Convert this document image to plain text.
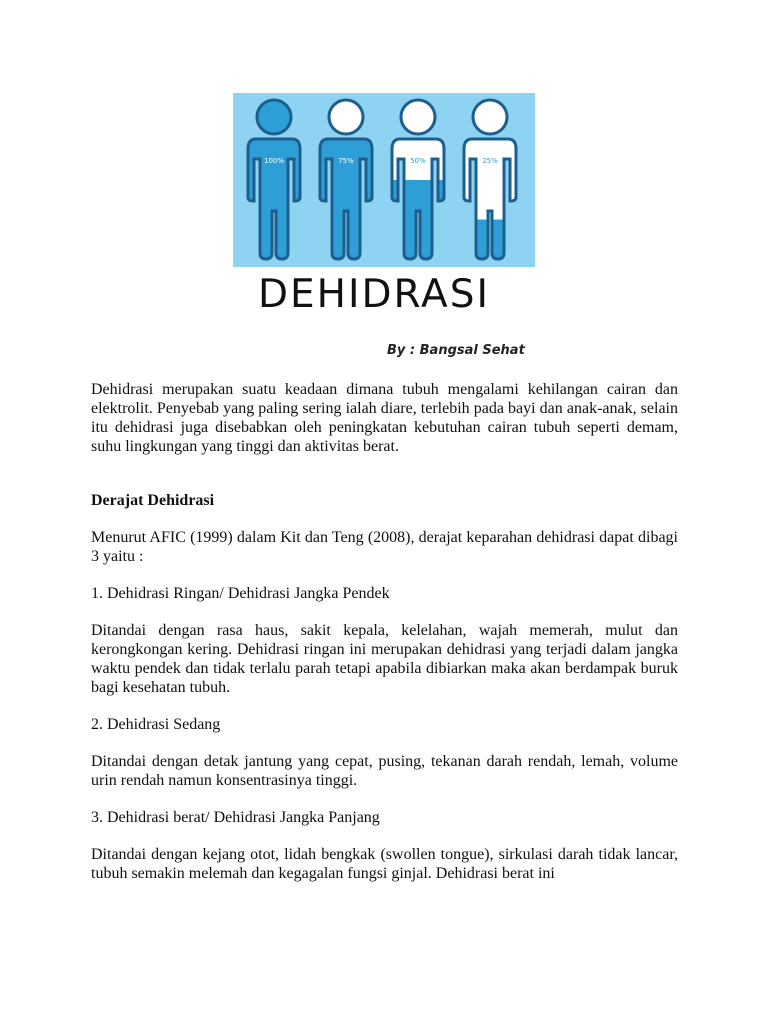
100%	75%	50%	25%
DEHIDRASI
By : Bangsal Sehat

Dehidrasi merupakan suatu keadaan dimana tubuh mengalami kehilangan cairan dan elektrolit. Penyebab yang paling sering ialah diare, terlebih pada bayi dan anak-anak, selain itu dehidrasi juga disebabkan oleh peningkatan kebutuhan cairan tubuh seperti demam, suhu lingkungan yang tinggi dan aktivitas berat.

Derajat Dehidrasi

Menurut AFIC (1999) dalam Kit dan Teng (2008), derajat keparahan dehidrasi dapat dibagi 3 yaitu :

1. Dehidrasi Ringan/ Dehidrasi Jangka Pendek

Ditandai dengan rasa haus, sakit kepala, kelelahan, wajah memerah, mulut dan kerongkongan kering. Dehidrasi ringan ini merupakan dehidrasi yang terjadi dalam jangka waktu pendek dan tidak terlalu parah tetapi apabila dibiarkan maka akan berdampak buruk bagi kesehatan tubuh.

2. Dehidrasi Sedang

Ditandai dengan detak jantung yang cepat, pusing, tekanan darah rendah, lemah, volume urin rendah namun konsentrasinya tinggi.

3. Dehidrasi berat/ Dehidrasi Jangka Panjang

Ditandai dengan kejang otot, lidah bengkak (swollen tongue), sirkulasi darah tidak lancar, tubuh semakin melemah dan kegagalan fungsi ginjal. Dehidrasi berat ini
